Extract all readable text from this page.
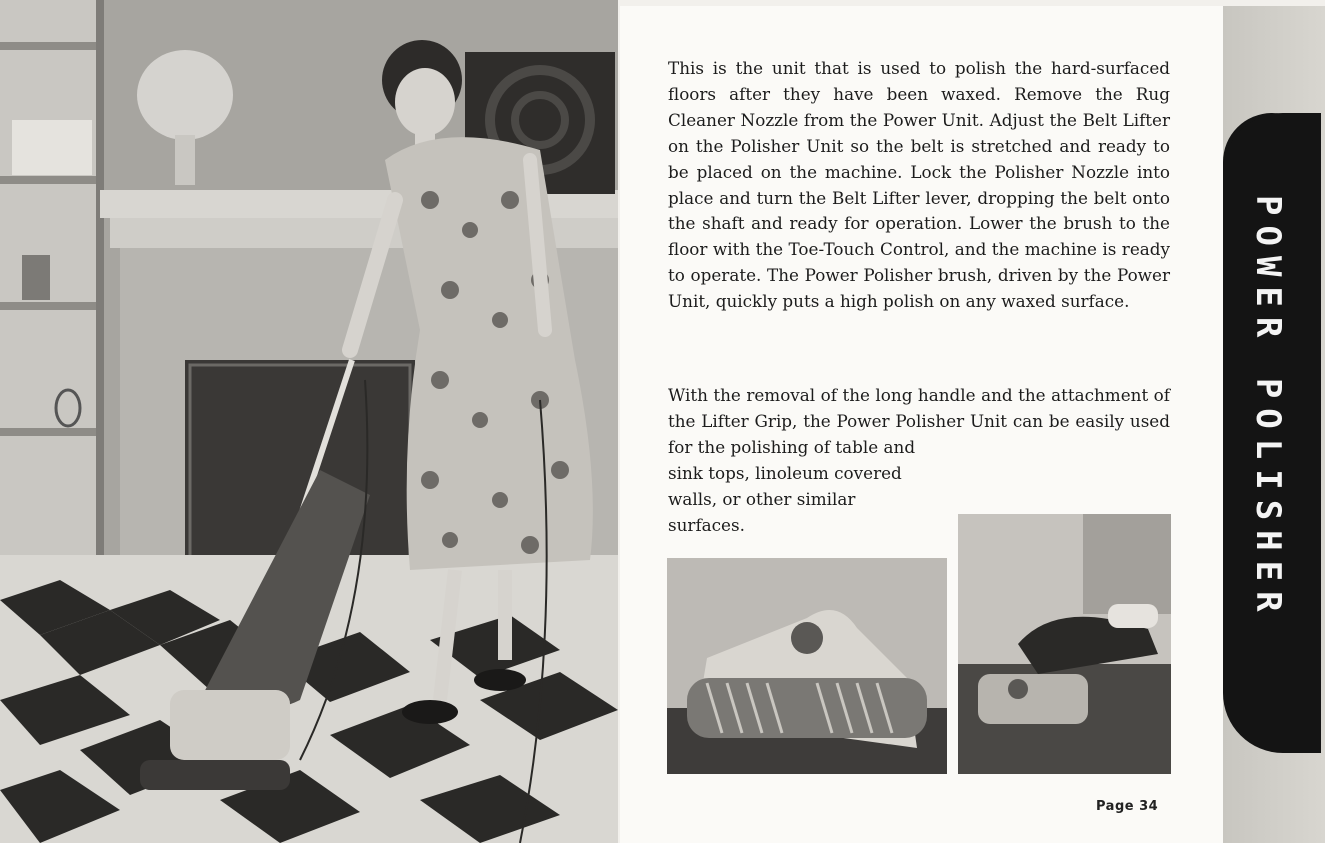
This is the unit that is used to polish the hard-surfaced floors after they have been waxed. Remove the Rug Cleaner Nozzle from the Power Unit. Adjust the Belt Lifter on the Polisher Unit so the belt is stretched and ready to be placed on the machine. Lock the Polisher Nozzle into place and turn the Belt Lifter lever, dropping the belt onto the shaft and ready for operation. Lower the brush to the floor with the Toe-Touch Control, and the machine is ready to operate. The Power Polisher brush, driven by the Power Unit, quickly puts a high polish on any waxed surface.

With the removal of the long handle and the attachment of the Lifter Grip, the Power Polisher Unit can be easily used for the polishing of table and

sink tops, linoleum covered walls, or other similar surfaces.

Page 34
POWER POLISHER
